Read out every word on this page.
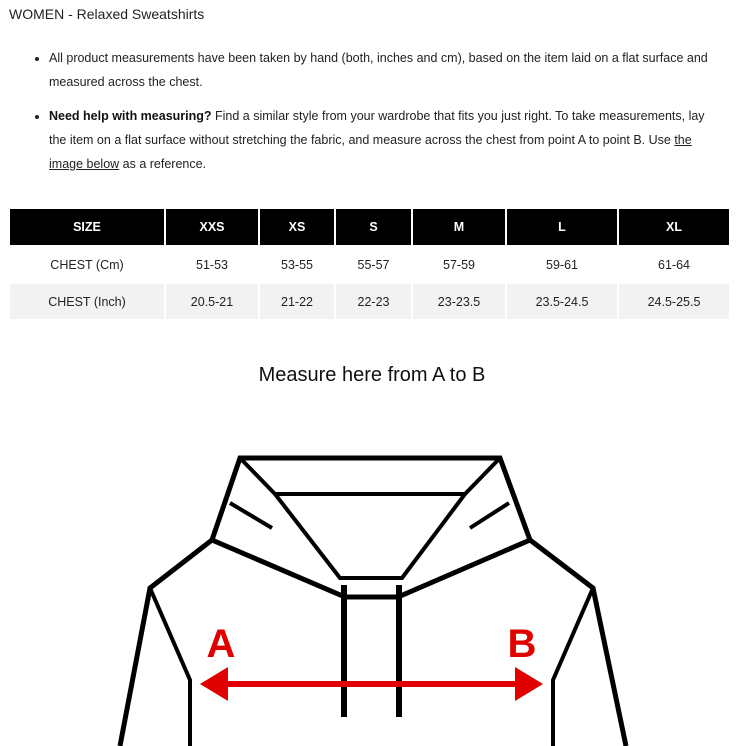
WOMEN - Relaxed Sweatshirts
• All product measurements have been taken by hand (both, inches and cm), based on the item laid on a flat surface and measured across the chest.
• Need help with measuring? Find a similar style from your wardrobe that fits you just right. To take measurements, lay the item on a flat surface without stretching the fabric, and measure across the chest from point A to point B. Use the image below as a reference.
SIZE	XXS	XS	S	M	L	XL
CHEST (Cm)	51-53	53-55	55-57	57-59	59-61	61-64
CHEST (Inch)	20.5-21	21-22	22-23	23-23.5	23.5-24.5	24.5-25.5
Measure here from A to B
A	B
